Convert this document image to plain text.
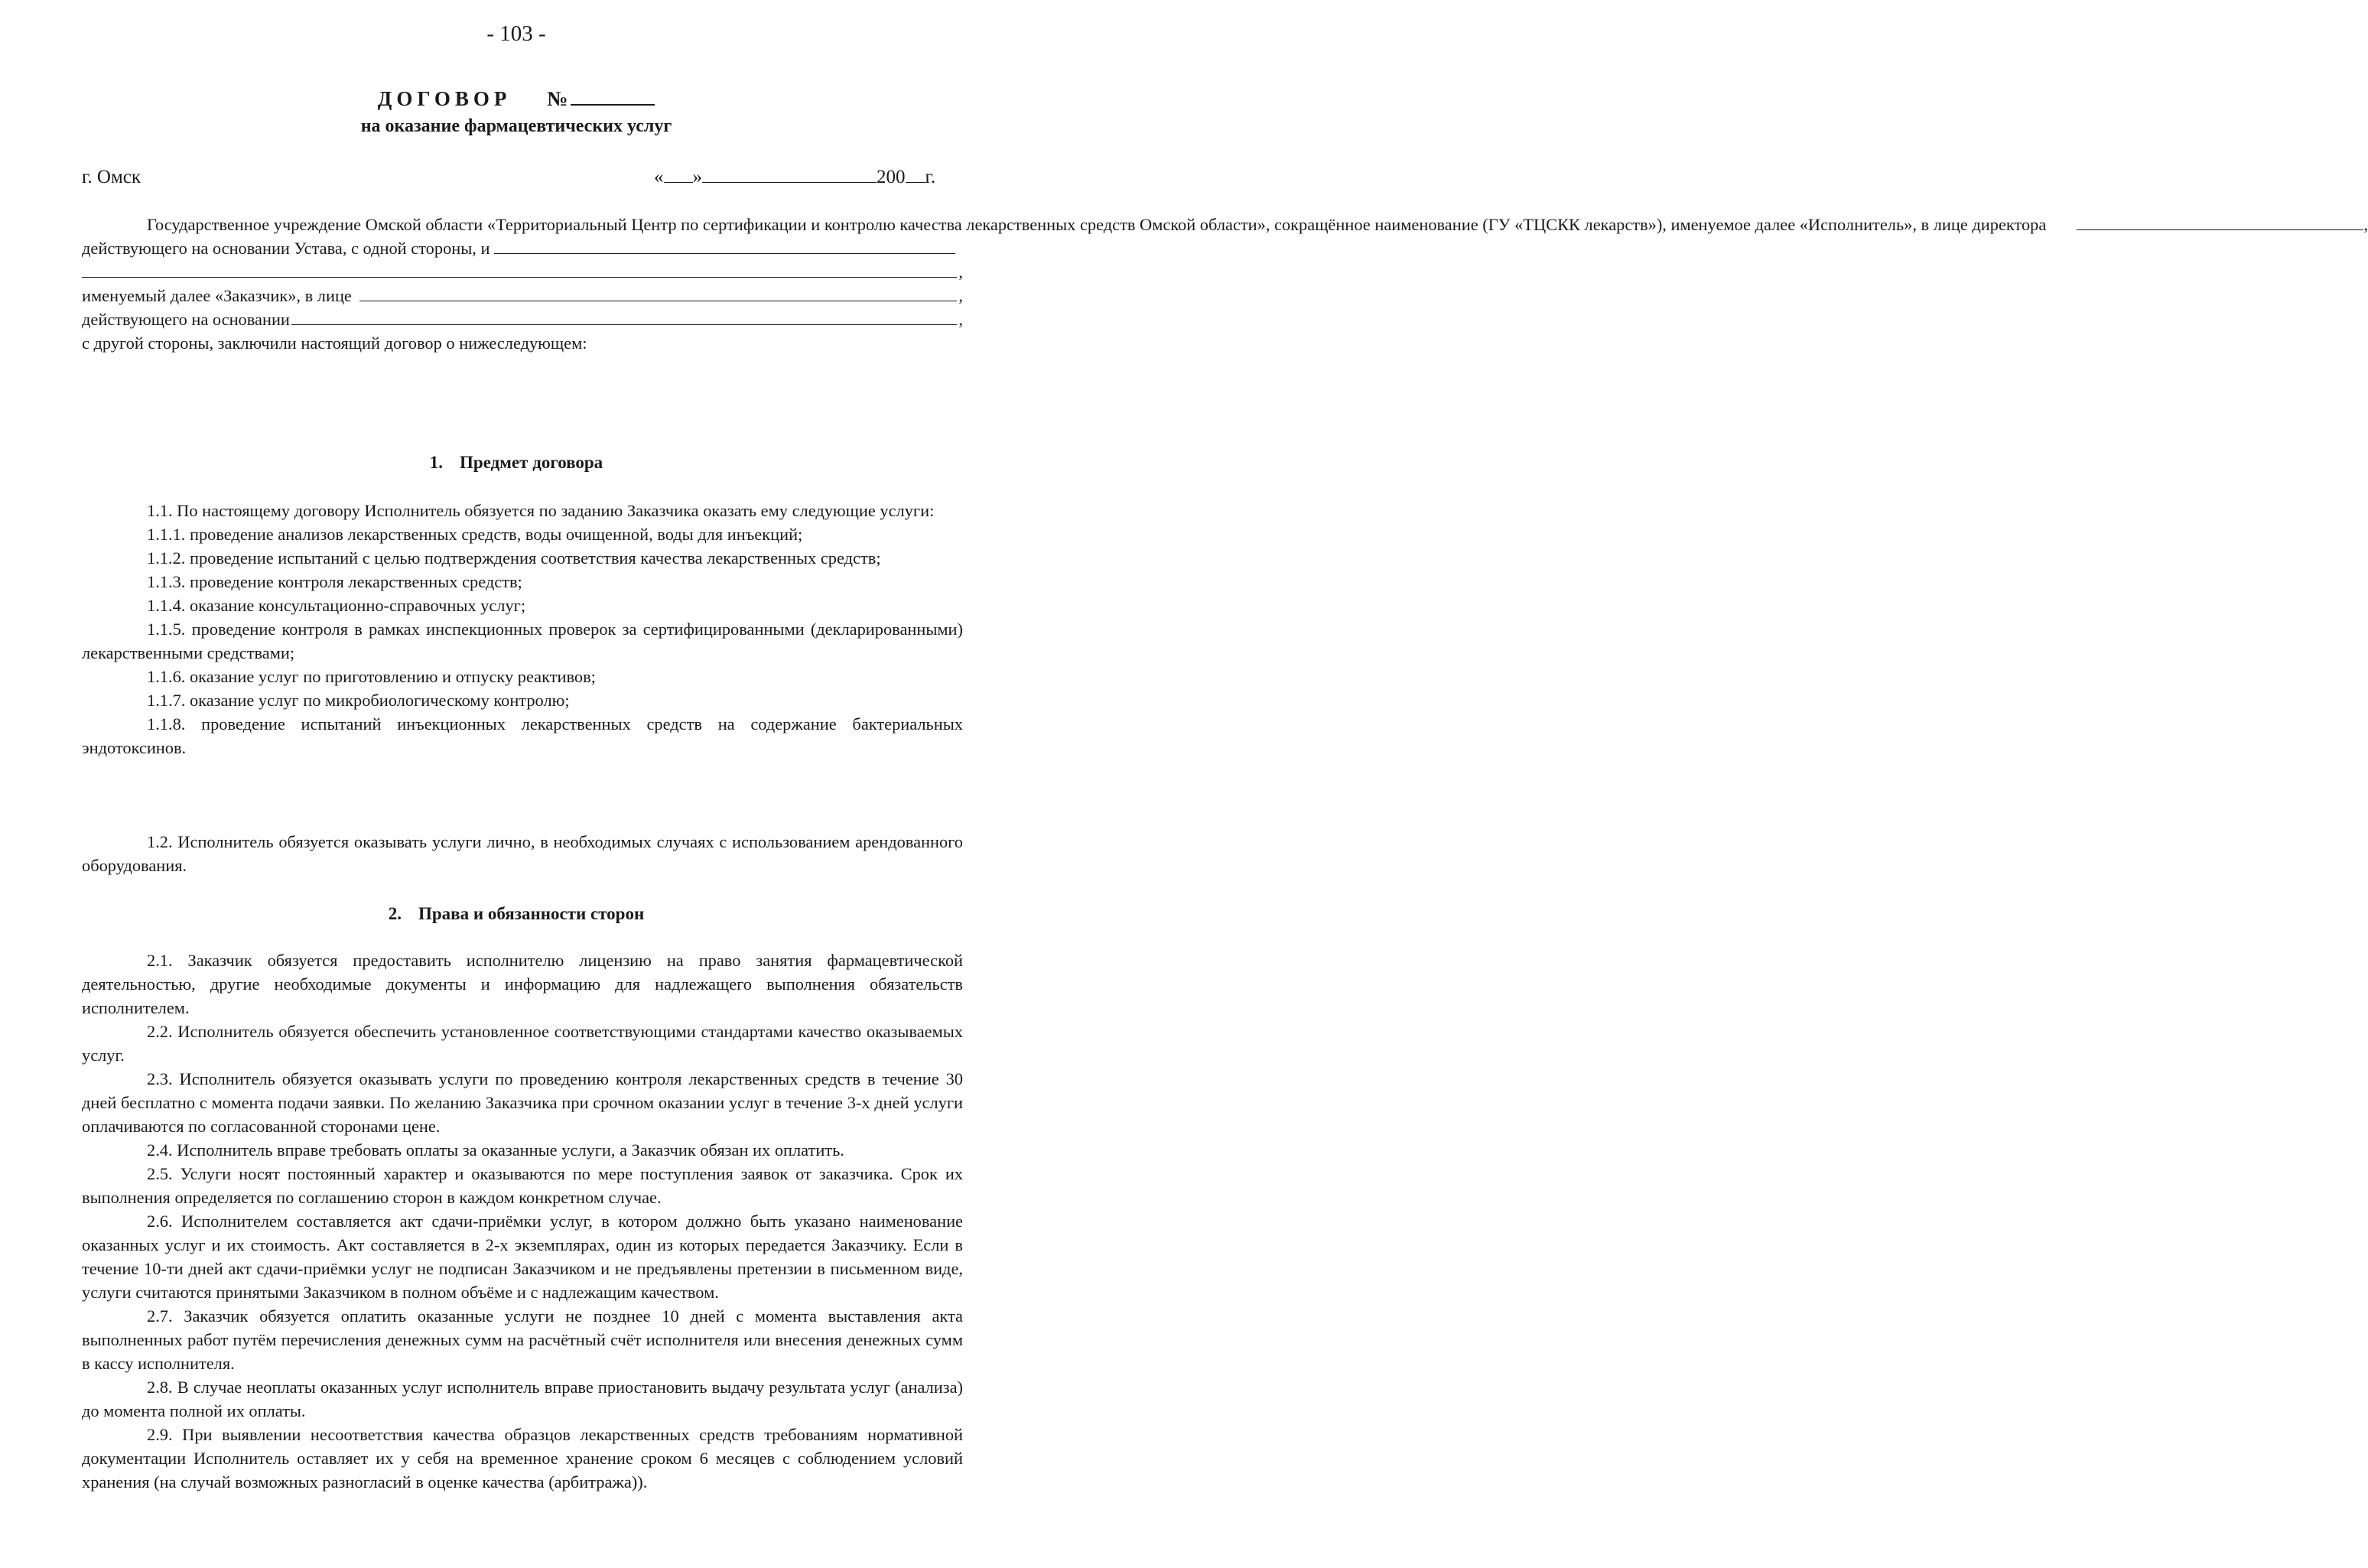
- 103 -
ДОГОВОР №
на оказание фармацевтических услуг
г. Омск	« »	200 г.

Государственное учреждение Омской области «Территориальный Центр по сертификации и контролю качества лекарственных средств Омской области», сокращённое наименование (ГУ «ТЦСКК лекарств»), именуемое далее «Исполнитель», в лице директора	,

действующего на основании Устава, с одной стороны, и
,
именуемый далее «Заказчик», в лице	,
действующего на основании	,

с другой стороны, заключили настоящий договор о нижеследующем:

1. Предмет договора

1.1. По настоящему договору Исполнитель обязуется по заданию Заказчика оказать ему следующие услуги:

1.1.1. проведение анализов лекарственных средств, воды очищенной, воды для инъекций;

1.1.2. проведение испытаний с целью подтверждения соответствия качества лекарственных средств;

1.1.3. проведение контроля лекарственных средств;

1.1.4. оказание консультационно-справочных услуг;

1.1.5. проведение контроля в рамках инспекционных проверок за сертифицированными (декларированными) лекарственными средствами;

1.1.6. оказание услуг по приготовлению и отпуску реактивов;

1.1.7. оказание услуг по микробиологическому контролю;

1.1.8. проведение испытаний инъекционных лекарственных средств на содержание бактериальных эндотоксинов.

1.2. Исполнитель обязуется оказывать услуги лично, в необходимых случаях с использованием арендованного оборудования.

2. Права и обязанности сторон

2.1. Заказчик обязуется предоставить исполнителю лицензию на право занятия фармацевтической деятельностью, другие необходимые документы и информацию для надлежащего выполнения обязательств исполнителем.

2.2. Исполнитель обязуется обеспечить установленное соответствующими стандартами качество оказываемых услуг.

2.3. Исполнитель обязуется оказывать услуги по проведению контроля лекарственных средств в течение 30 дней бесплатно с момента подачи заявки. По желанию Заказчика при срочном оказании услуг в течение 3-х дней услуги оплачиваются по согласованной сторонами цене.

2.4. Исполнитель вправе требовать оплаты за оказанные услуги, а Заказчик обязан их оплатить.

2.5. Услуги носят постоянный характер и оказываются по мере поступления заявок от заказчика. Срок их выполнения определяется по соглашению сторон в каждом конкретном случае.

2.6. Исполнителем составляется акт сдачи-приёмки услуг, в котором должно быть указано наименование оказанных услуг и их стоимость. Акт составляется в 2-х экземплярах, один из которых передается Заказчику. Если в течение 10-ти дней акт сдачи-приёмки услуг не подписан Заказчиком и не предъявлены претензии в письменном виде, услуги считаются принятыми Заказчиком в полном объёме и с надлежащим качеством.

2.7. Заказчик обязуется оплатить оказанные услуги не позднее 10 дней с момента выставления акта выполненных работ путём перечисления денежных сумм на расчётный счёт исполнителя или внесения денежных сумм в кассу исполнителя.

2.8. В случае неоплаты оказанных услуг исполнитель вправе приостановить выдачу результата услуг (анализа) до момента полной их оплаты.

2.9. При выявлении несоответствия качества образцов лекарственных средств требованиям нормативной документации Исполнитель оставляет их у себя на временное хранение сроком 6 месяцев с соблюдением условий хранения (на случай возможных разногласий в оценке качества (арбитража)).
